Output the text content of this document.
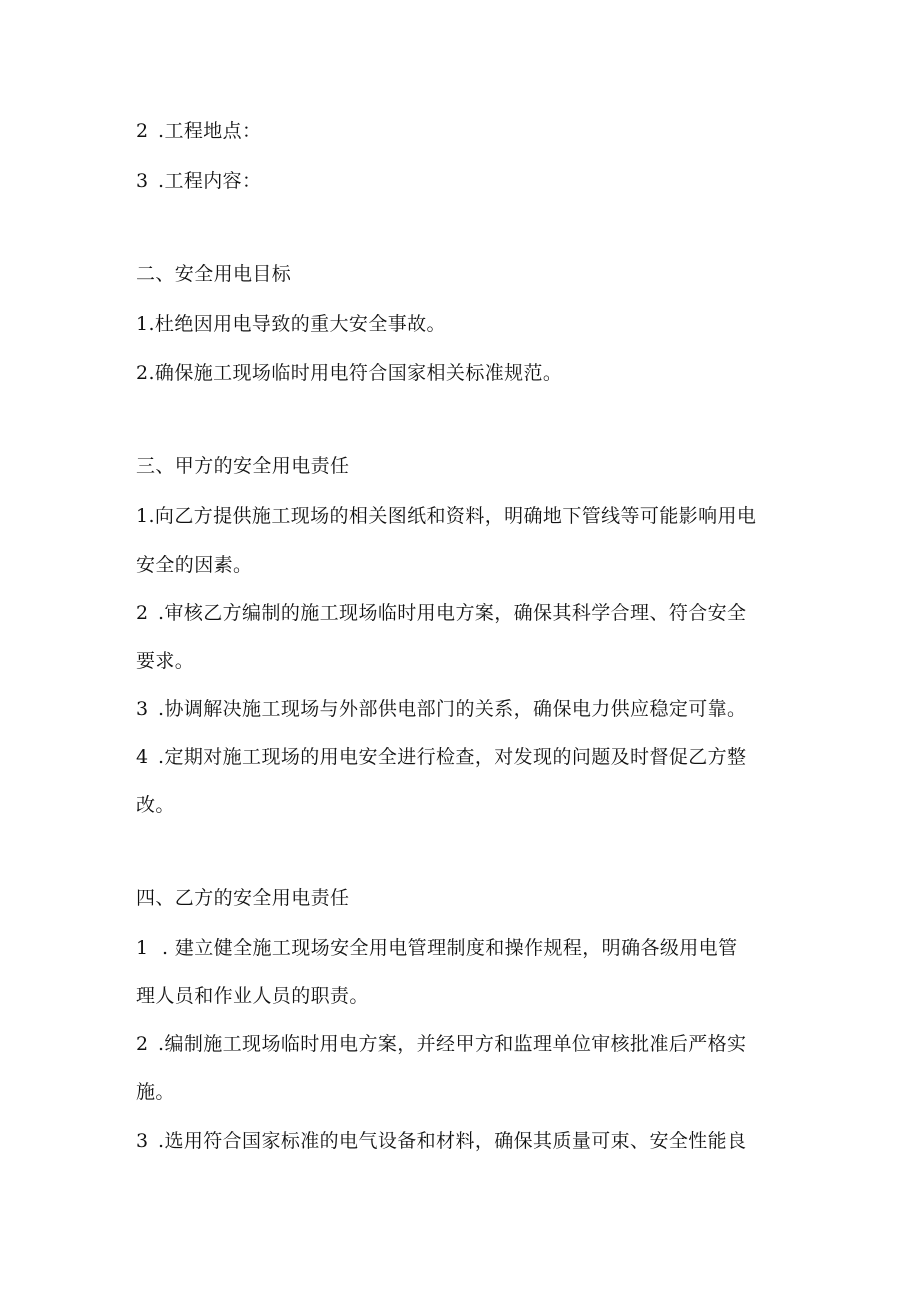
2 .工程地点：
3 .工程内容：
二、安全用电目标
1.杜绝因用电导致的重大安全事故。
2.确保施工现场临时用电符合国家相关标准规范。
三、甲方的安全用电责任
1.向乙方提供施工现场的相关图纸和资料，明确地下管线等可能影响用电
安全的因素。
2 .审核乙方编制的施工现场临时用电方案，确保其科学合理、符合安全
要求。
3 .协调解决施工现场与外部供电部门的关系，确保电力供应稳定可靠。
4 .定期对施工现场的用电安全进行检查，对发现的问题及时督促乙方整
改。
四、乙方的安全用电责任
1 . 建立健全施工现场安全用电管理制度和操作规程，明确各级用电管
理人员和作业人员的职责。
2 .编制施工现场临时用电方案，并经甲方和监理单位审核批准后严格实
施。
3 .选用符合国家标准的电气设备和材料，确保其质量可束、安全性能良
